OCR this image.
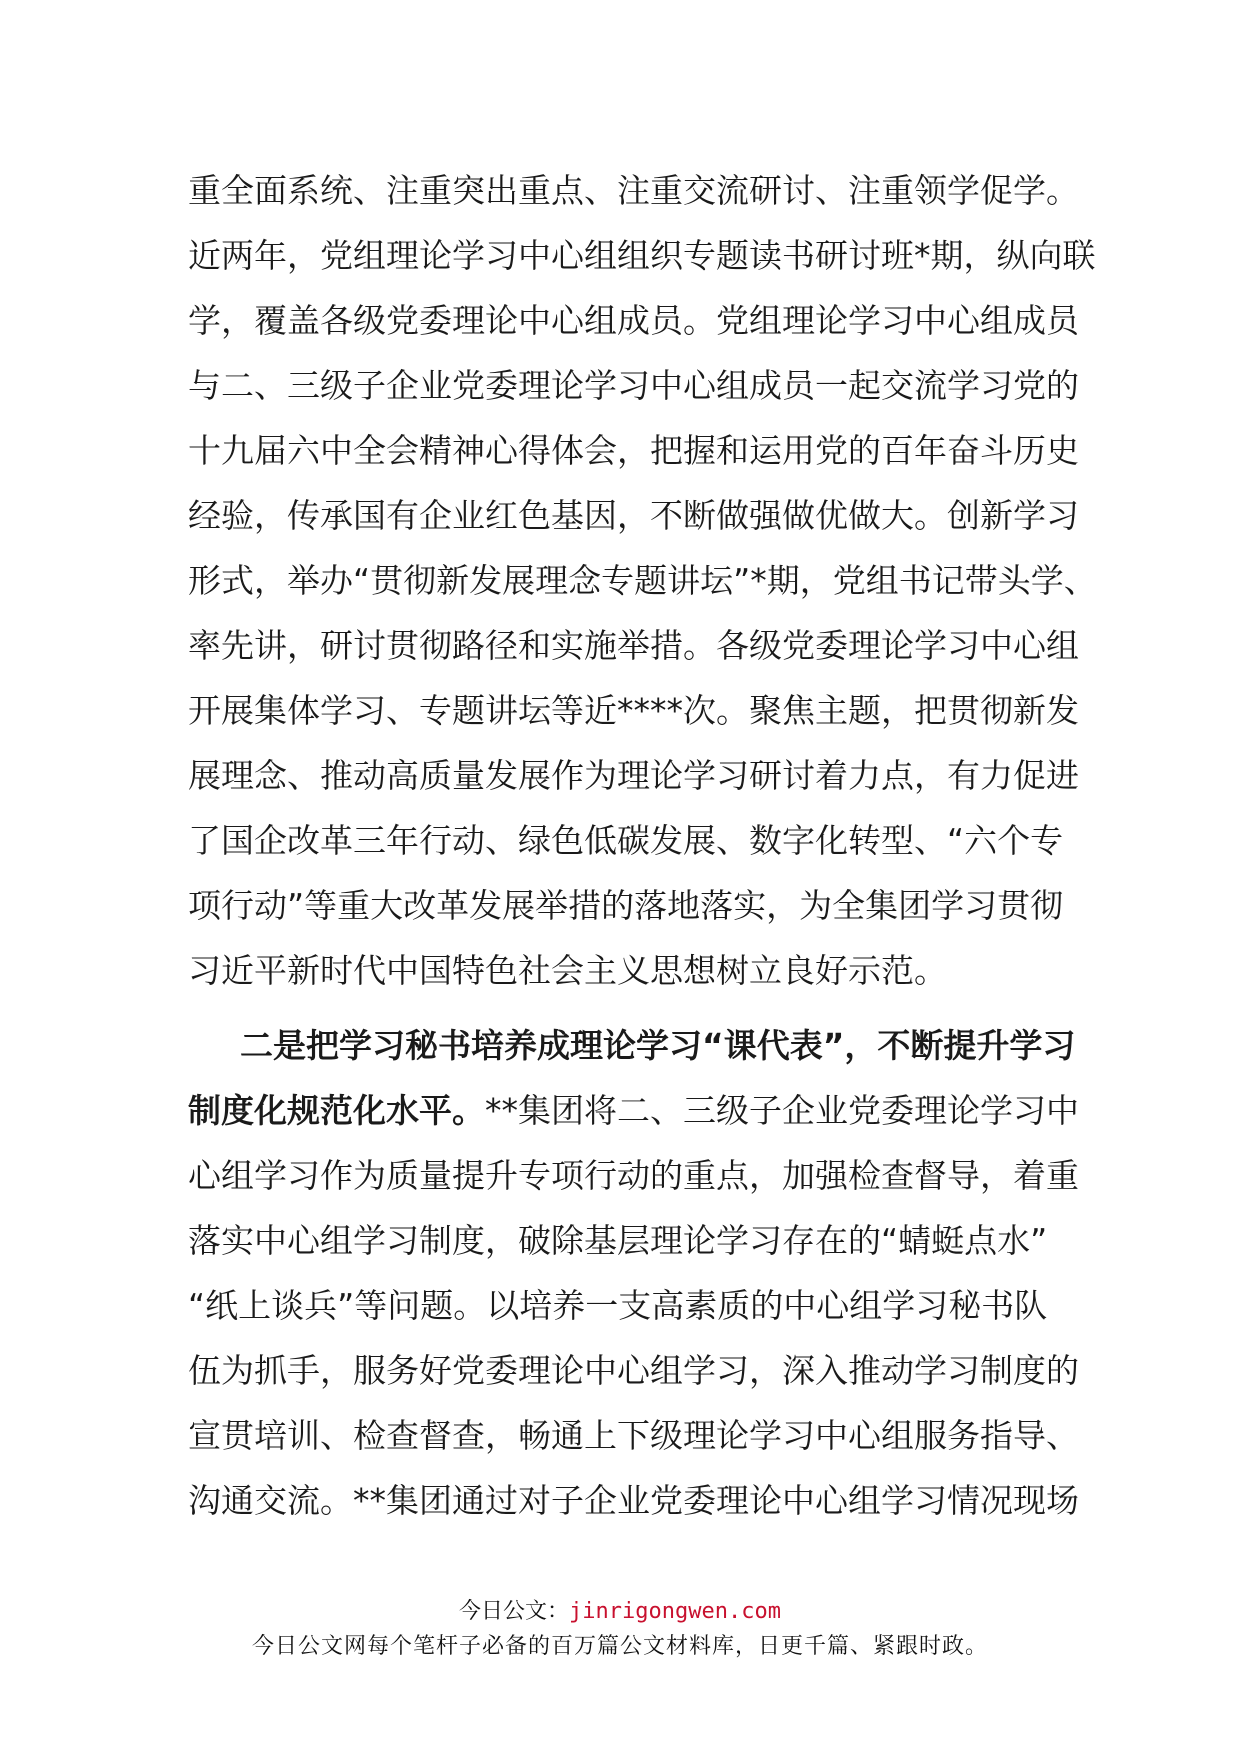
重全面系统、注重突出重点、注重交流研讨、注重领学促学。

近两年，党组理论学习中心组组织专题读书研讨班*期，纵向联

学，覆盖各级党委理论中心组成员。党组理论学习中心组成员

与二、三级子企业党委理论学习中心组成员一起交流学习党的

十九届六中全会精神心得体会，把握和运用党的百年奋斗历史

经验，传承国有企业红色基因，不断做强做优做大。创新学习

形式，举办“贯彻新发展理念专题讲坛”*期，党组书记带头学、

率先讲，研讨贯彻路径和实施举措。各级党委理论学习中心组

开展集体学习、专题讲坛等近****次。聚焦主题，把贯彻新发

展理念、推动高质量发展作为理论学习研讨着力点，有力促进

了国企改革三年行动、绿色低碳发展、数字化转型、“六个专

项行动”等重大改革发展举措的落地落实，为全集团学习贯彻

习近平新时代中国特色社会主义思想树立良好示范。

二是把学习秘书培养成理论学习“课代表”，不断提升学习

制度化规范化水平。**集团将二、三级子企业党委理论学习中

心组学习作为质量提升专项行动的重点，加强检查督导，着重

落实中心组学习制度，破除基层理论学习存在的“蜻蜓点水”

“纸上谈兵”等问题。以培养一支高素质的中心组学习秘书队

伍为抓手，服务好党委理论中心组学习，深入推动学习制度的

宣贯培训、检查督查，畅通上下级理论学习中心组服务指导、

沟通交流。**集团通过对子企业党委理论中心组学习情况现场

今日公文：jinrigongwen.com
今日公文网每个笔杆子必备的百万篇公文材料库，日更千篇、紧跟时政。
